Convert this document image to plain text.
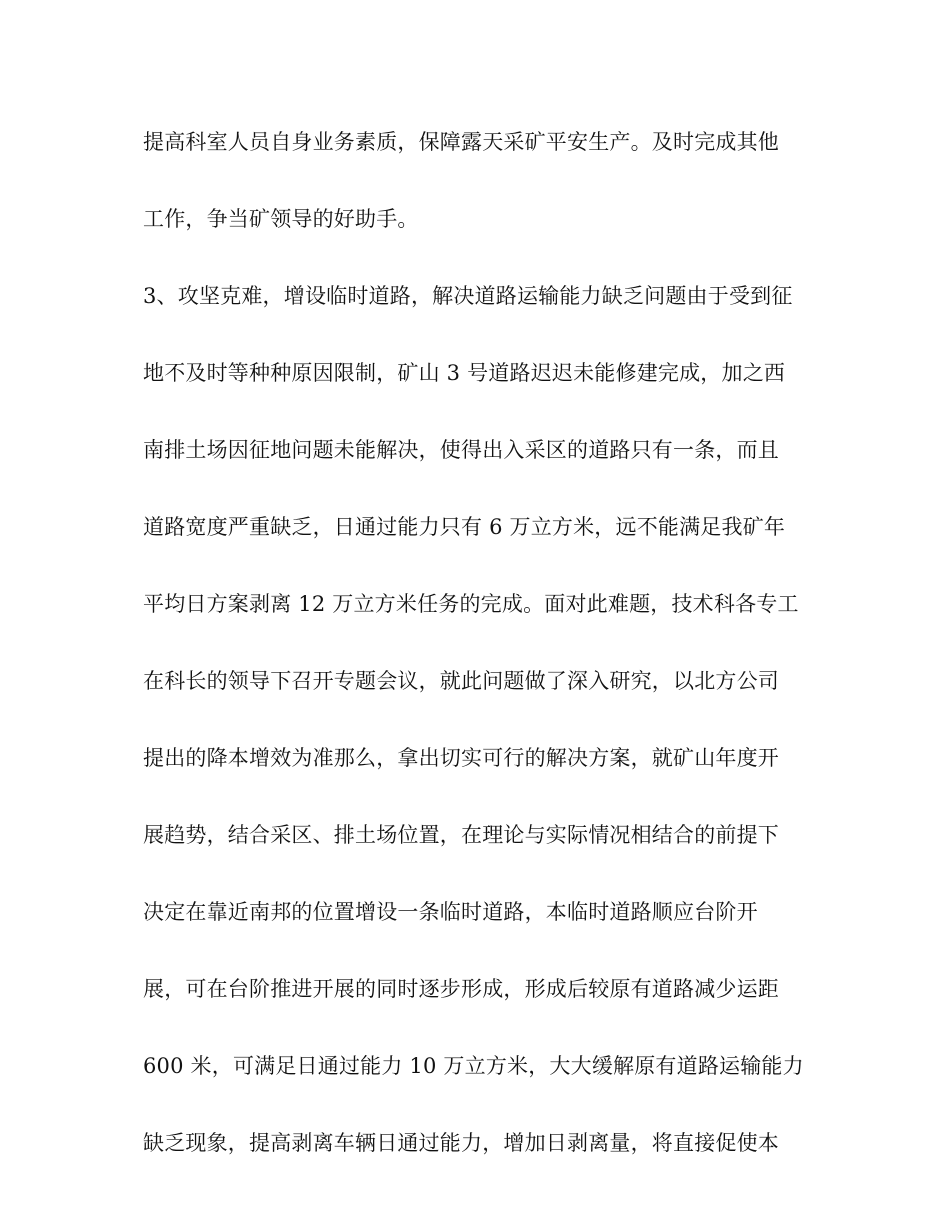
提高科室人员自身业务素质，保障露天采矿平安生产。及时完成其他
工作，争当矿领导的好助手。
3、攻坚克难，增设临时道路，解决道路运输能力缺乏问题由于受到征
地不及时等种种原因限制，矿山 3 号道路迟迟未能修建完成，加之西
南排土场因征地问题未能解决，使得出入采区的道路只有一条，而且
道路宽度严重缺乏，日通过能力只有 6 万立方米，远不能满足我矿年
平均日方案剥离 12 万立方米任务的完成。面对此难题，技术科各专工
在科长的领导下召开专题会议，就此问题做了深入研究，以北方公司
提出的降本增效为准那么，拿出切实可行的解决方案，就矿山年度开
展趋势，结合采区、排土场位置，在理论与实际情况相结合的前提下
决定在靠近南邦的位置增设一条临时道路，本临时道路顺应台阶开
展，可在台阶推进开展的同时逐步形成，形成后较原有道路减少运距
600 米，可满足日通过能力 10 万立方米，大大缓解原有道路运输能力
缺乏现象，提高剥离车辆日通过能力，增加日剥离量，将直接促使本
